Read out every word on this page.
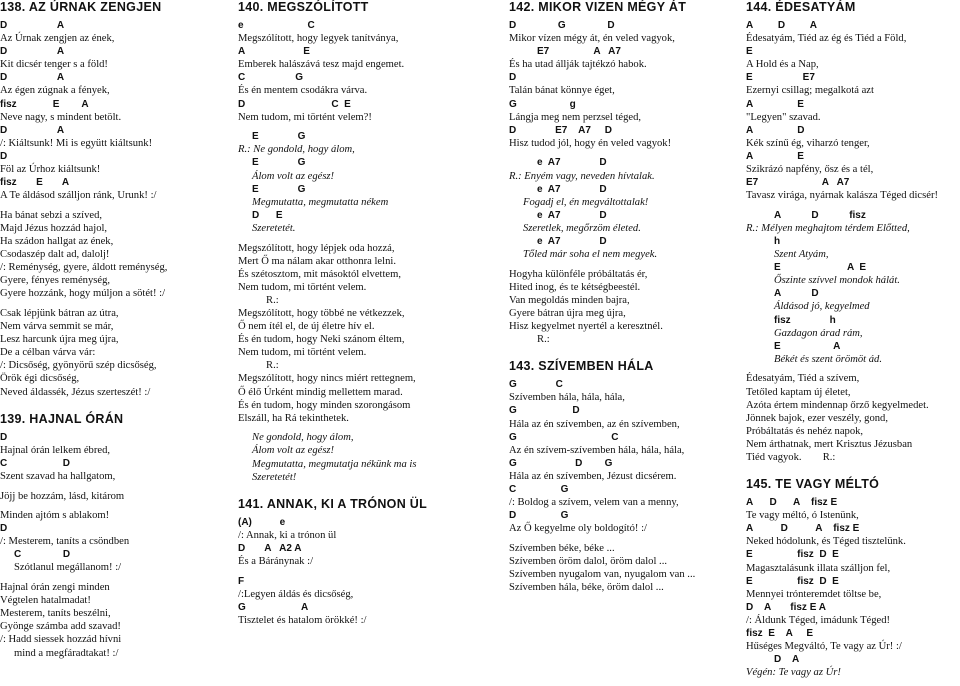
138. AZ ÚRNAK ZENGJEN
D                  A
Az Úrnak zengjen az ének,
D                  A
Kit dicsér tenger s a föld!
D                  A
Az égen zúgnak a fények,
fisz             E        A
Neve nagy, s mindent betölt.
D                  A
/: Kiáltsunk! Mi is együtt kiáltsunk!
D
Föl az Úrhoz kiáltsunk!
fisz       E       A
A Te áldásod szálljon ránk, Urunk! :/
Ha bánat sebzi a szíved,
Majd Jézus hozzád hajol,
Ha szádon hallgat az ének,
Csodaszép dalt ad, dalolj!
/: Reménység, gyere, áldott reménység,
Gyere, fényes reménység,
Gyere hozzánk, hogy múljon a sötét! :/
Csak lépjünk bátran az útra,
Nem várva semmit se már,
Lesz harcunk újra meg újra,
De a célban várva vár:
/: Dicsőség, gyönyörű szép dicsőség,
Örök égi dicsőség,
Neved áldassék, Jézus szerteszét! :/
139. HAJNAL ÓRÁN
D
Hajnal órán lelkem ébred,
C                    D
Szent szavad ha hallgatom,
Jöjj be hozzám, lásd, kitárom
Minden ajtóm s ablakom!
D
/: Mesterem, taníts a csöndben
C               D
Szótlanul megállanom! :/
Hajnal órán zengi minden
Végtelen hatalmadat!
Mesterem, taníts beszélni,
Gyönge számba add szavad!
/: Hadd siessek hozzád hívni
mind a megfáradtakat! :/
140. MEGSZÓLÍTOTT
e                       C
Megszólított, hogy legyek tanítványa,
A                     E
Emberek halászává tesz majd engemet.
C                  G
És én mentem csodákra várva.
D                               C  E
Nem tudom, mi történt velem?!
E              G
R.: Ne gondold, hogy álom,
E              G
Álom volt az egész!
E              G
Megmutatta, megmutatta nékem
D      E
Szeretetét.
Megszólított, hogy lépjek oda hozzá,
Mert Ő ma nálam akar otthonra lelni.
És szétosztom, mit másoktól elvettem,
Nem tudom, mi történt velem.
R.:
Megszólított, hogy többé ne vétkezzek,
Ő nem ítél el, de új életre hív el.
És én tudom, hogy Neki szánom éltem,
Nem tudom, mi történt velem.
R.:
Megszólított, hogy nincs miért rettegnem,
Ő élő Úrként mindig mellettem marad.
És én tudom, hogy minden szorongásom
Elszáll, ha Rá tekinthetek.
Ne gondold, hogy álom,
Álom volt az egész!
Megmutatta, megmutatja nékünk ma is
Szeretetét!
141. ANNAK, KI A TRÓNON ÜL
(A)          e
/: Annak, ki a trónon ül
D       A   A2 A
És a Báránynak :/
F
/:Legyen áldás és dicsőség,
G                    A
Tisztelet és hatalom örökké! :/
142. MIKOR VIZEN MÉGY ÁT
D               G               D
Mikor vízen mégy át, én veled vagyok,
E7                A   A7
És ha utad állják tajtékzó habok.
D
Talán bánat könnye éget,
G                   g
Lángja meg nem perzsel téged,
D              E7    A7     D
Hisz tudod jól, hogy én veled vagyok!
e  A7              D
R.: Enyém vagy, neveden hívtalak.
e  A7              D
Fogadj el, én megváltottalak!
e  A7              D
Szeretlek, megőrzöm életed.
e  A7              D
Tőled már soha el nem megyek.
Hogyha különféle próbáltatás ér,
Hited inog, és te kétségbeestél.
Van megoldás minden bajra,
Gyere bátran újra meg újra,
Hisz kegyelmet nyertél a keresztnél.
R.:
143. SZÍVEMBEN HÁLA
G              C
Szívemben hála, hála, hála,
G                    D
Hála az én szívemben, az én szívemben,
G                                  C
Az én szívem-szívemben hála, hála, hála,
G                     D        G
Hála az én szívemben, Jézust dicsérem.
C                G
/: Boldog a szívem, velem van a menny,
D                G
Az Ő kegyelme oly boldogító! :/
Szívemben béke, béke ...
Szívemben öröm dalol, öröm dalol ...
Szívemben nyugalom van, nyugalom van ...
Szívemben hála, béke, öröm dalol ...
144. ÉDESATYÁM
A         D         A
Édesatyám, Tiéd az ég és Tiéd a Föld,
E
A Hold és a Nap,
E                  E7
Ezernyi csillag; megalkotá azt
A                E
"Legyen" szavad.
A                D
Kék színű ég, viharzó tenger,
A                E
Szikrázó napfény, ősz és a tél,
E7                       A   A7
Tavasz virága, nyárnak kalásza Téged dicsér!
A           D           fisz
R.: Mélyen meghajtom térdem Előtted,
h
Szent Atyám,
E                        A  E
Őszinte szívvel mondok hálát.
A           D
Áldásod jó, kegyelmed
fisz              h
Gazdagon árad rám,
E                   A
Békét és szent örömöt ád.
Édesatyám, Tiéd a szívem,
Tetőled kaptam új életet,
Azóta értem mindennap őrző kegyelmedet.
Jönnek bajok, ezer veszély, gond,
Próbáltatás és nehéz napok,
Nem árthatnak, mert Krisztus Jézusban
Tiéd vagyok.        R.:
145. TE VAGY MÉLTÓ
A      D      A    fisz E
Te vagy méltó, ó Istenünk,
A          D          A    fisz E
Neked hódolunk, és Téged tisztelünk.
E                fisz  D  E
Magasztalásunk illata szálljon fel,
E                fisz  D  E
Mennyei trónteremdet töltse be,
D    A       fisz E A
/: Áldunk Téged, imádunk Téged!
fisz  E    A     E
Hűséges Megváltó, Te vagy az Úr! :/
D    A
Végén: Te vagy az Úr!
